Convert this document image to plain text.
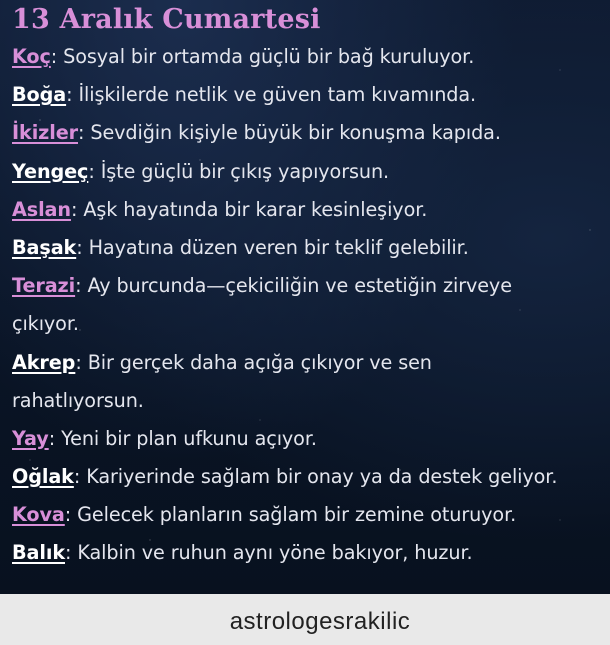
13 Aralık Cumartesi
Koç: Sosyal bir ortamda güçlü bir bağ kuruluyor.
Boğa: İlişkilerde netlik ve güven tam kıvamında.
İkizler: Sevdiğin kişiyle büyük bir konuşma kapıda.
Yengeç: İşte güçlü bir çıkış yapıyorsun.
Aslan: Aşk hayatında bir karar kesinleşiyor.
Başak: Hayatına düzen veren bir teklif gelebilir.
Terazi: Ay burcunda—çekiciliğin ve estetiğin zirveye
çıkıyor.
Akrep: Bir gerçek daha açığa çıkıyor ve sen
rahatlıyorsun.
Yay: Yeni bir plan ufkunu açıyor.
Oğlak: Kariyerinde sağlam bir onay ya da destek geliyor.
Kova: Gelecek planların sağlam bir zemine oturuyor.
Balık: Kalbin ve ruhun aynı yöne bakıyor, huzur.
astrologesrakilic
